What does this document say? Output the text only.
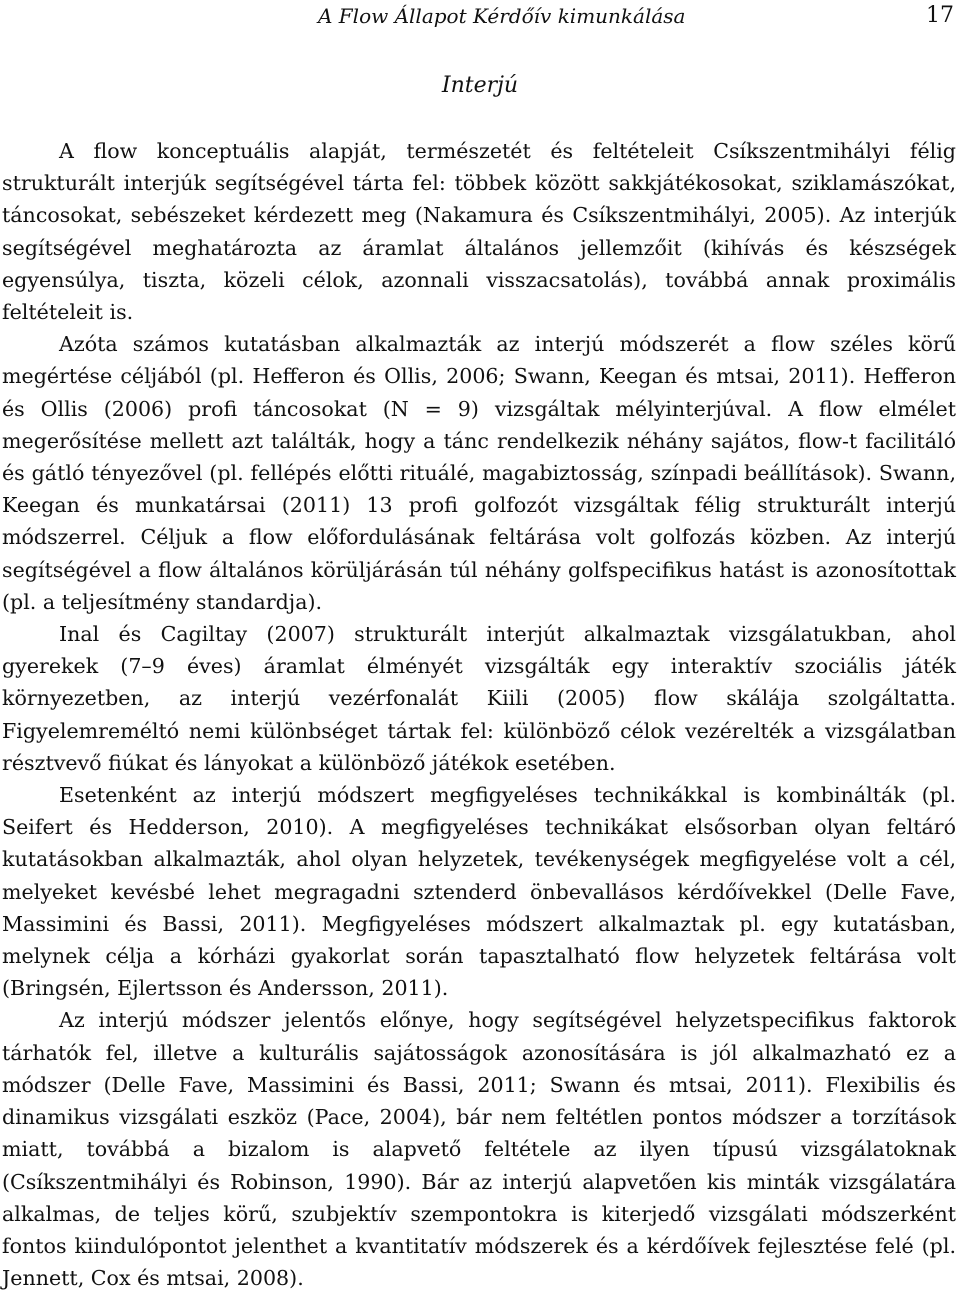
A Flow Állapot Kérdőív kimunkálása	17
Interjú

A flow konceptuális alapját, természetét és feltételeit Csíkszentmihályi félig strukturált interjúk segítségével tárta fel: többek között sakkjátékosokat, sziklamászókat, táncosokat, sebészeket kérdezett meg (Nakamura és Csíkszentmihályi, 2005). Az interjúk segítségével meghatározta az áramlat általános jellemzőit (kihívás és készségek egyensúlya, tiszta, közeli célok, azonnali visszacsatolás), továbbá annak proximális feltételeit is.

Azóta számos kutatásban alkalmazták az interjú módszerét a flow széles körű megértése céljából (pl. Hefferon és Ollis, 2006; Swann, Keegan és mtsai, 2011). Hefferon és Ollis (2006) profi táncosokat (N = 9) vizsgáltak mélyinterjúval. A flow elmélet megerősítése mellett azt találták, hogy a tánc rendelkezik néhány sajátos, flow-t facilitáló és gátló tényezővel (pl. fellépés előtti rituálé, magabiztosság, színpadi beállítások). Swann, Keegan és munkatársai (2011) 13 profi golfozót vizsgáltak félig strukturált interjú módszerrel. Céljuk a flow előfordulásának feltárása volt golfozás közben. Az interjú segítségével a flow általános körüljárásán túl néhány golfspecifikus hatást is azonosítottak (pl. a teljesítmény standardja).

Inal és Cagiltay (2007) strukturált interjút alkalmaztak vizsgálatukban, ahol gyerekek (7–9 éves) áramlat élményét vizsgálták egy interaktív szociális játék környezetben, az interjú vezérfonalát Kiili (2005) flow skálája szolgáltatta. Figyelemreméltó nemi különbséget tártak fel: különböző célok vezérelték a vizsgálatban résztvevő fiúkat és lányokat a különböző játékok esetében.

Esetenként az interjú módszert megfigyeléses technikákkal is kombinálták (pl. Seifert és Hedderson, 2010). A megfigyeléses technikákat elsősorban olyan feltáró kutatásokban alkalmazták, ahol olyan helyzetek, tevékenységek megfigyelése volt a cél, melyeket kevésbé lehet megragadni sztenderd önbevallásos kérdőívekkel (Delle Fave, Massimini és Bassi, 2011). Megfigyeléses módszert alkalmaztak pl. egy kutatásban, melynek célja a kórházi gyakorlat során tapasztalható flow helyzetek feltárása volt (Bringsén, Ejlertsson és Andersson, 2011).

Az interjú módszer jelentős előnye, hogy segítségével helyzetspecifikus faktorok tárhatók fel, illetve a kulturális sajátosságok azonosítására is jól alkalmazható ez a módszer (Delle Fave, Massimini és Bassi, 2011; Swann és mtsai, 2011). Flexibilis és dinamikus vizsgálati eszköz (Pace, 2004), bár nem feltétlen pontos módszer a torzítások miatt, továbbá a bizalom is alapvető feltétele az ilyen típusú vizsgálatoknak (Csíkszentmihályi és Robinson, 1990). Bár az interjú alapvetően kis minták vizsgálatára alkalmas, de teljes körű, szubjektív szempontokra is kiterjedő vizsgálati módszerként fontos kiindulópontot jelenthet a kvantitatív módszerek és a kérdőívek fejlesztése felé (pl. Jennett, Cox és mtsai, 2008).
